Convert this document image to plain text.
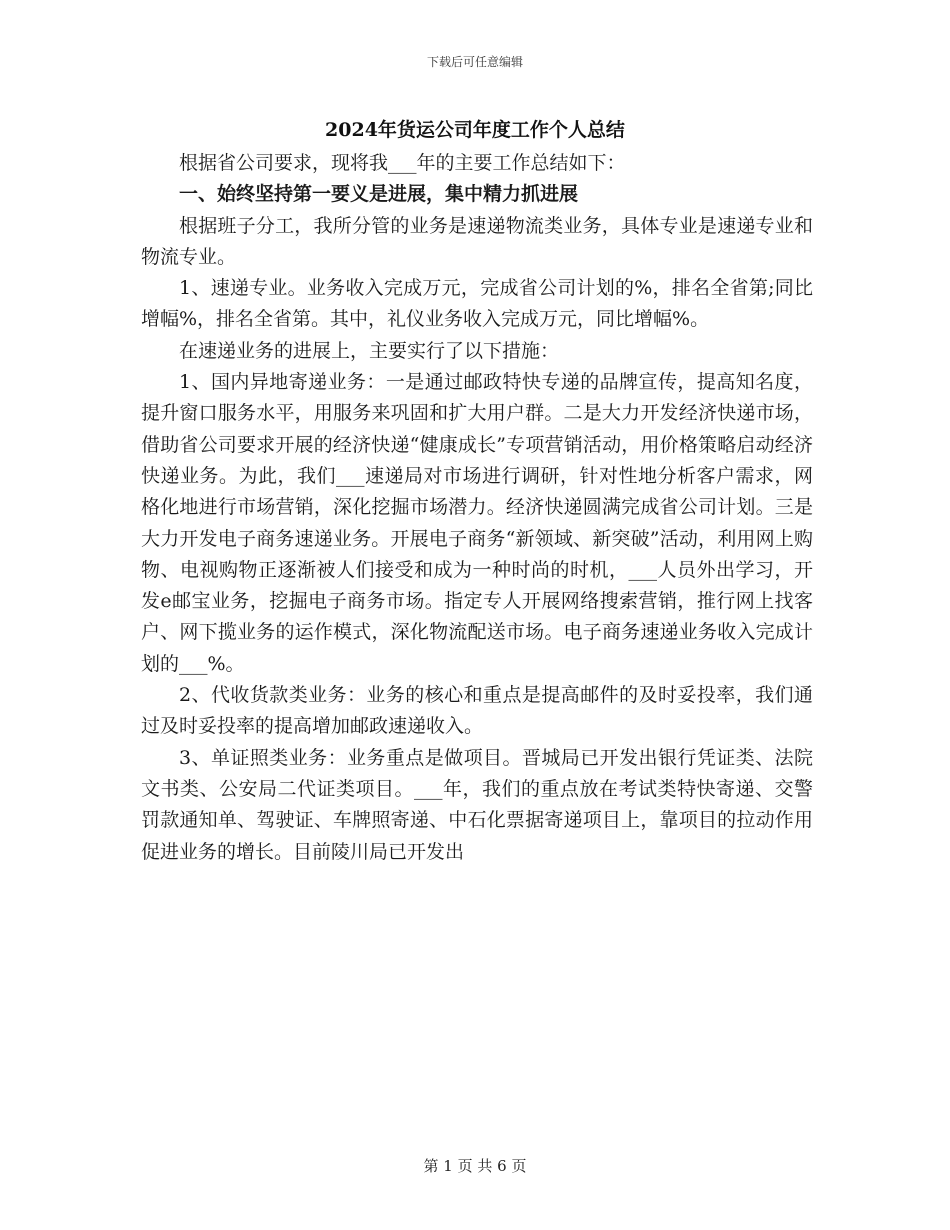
下载后可任意编辑
2024年货运公司年度工作个人总结

根据省公司要求，现将我___年的主要工作总结如下：

一、始终坚持第一要义是进展，集中精力抓进展

根据班子分工，我所分管的业务是速递物流类业务，具体专业是速递专业和物流专业。

1、速递专业。业务收入完成万元，完成省公司计划的%，排名全省第;同比增幅%，排名全省第。其中，礼仪业务收入完成万元，同比增幅%。

在速递业务的进展上，主要实行了以下措施：

1、国内异地寄递业务：一是通过邮政特快专递的品牌宣传，提高知名度，提升窗口服务水平，用服务来巩固和扩大用户群。二是大力开发经济快递市场，借助省公司要求开展的经济快递“健康成长”专项营销活动，用价格策略启动经济快递业务。为此，我们___速递局对市场进行调研，针对性地分析客户需求，网格化地进行市场营销，深化挖掘市场潜力。经济快递圆满完成省公司计划。三是大力开发电子商务速递业务。开展电子商务“新领域、新突破”活动，利用网上购物、电视购物正逐渐被人们接受和成为一种时尚的时机，___人员外出学习，开发e邮宝业务，挖掘电子商务市场。指定专人开展网络搜索营销，推行网上找客户、网下揽业务的运作模式，深化物流配送市场。电子商务速递业务收入完成计划的___%。

2、代收货款类业务：业务的核心和重点是提高邮件的及时妥投率，我们通过及时妥投率的提高增加邮政速递收入。

3、单证照类业务：业务重点是做项目。晋城局已开发出银行凭证类、法院文书类、公安局二代证类项目。___年，我们的重点放在考试类特快寄递、交警罚款通知单、驾驶证、车牌照寄递、中石化票据寄递项目上，靠项目的拉动作用促进业务的增长。目前陵川局已开发出

第 1 页 共 6 页
